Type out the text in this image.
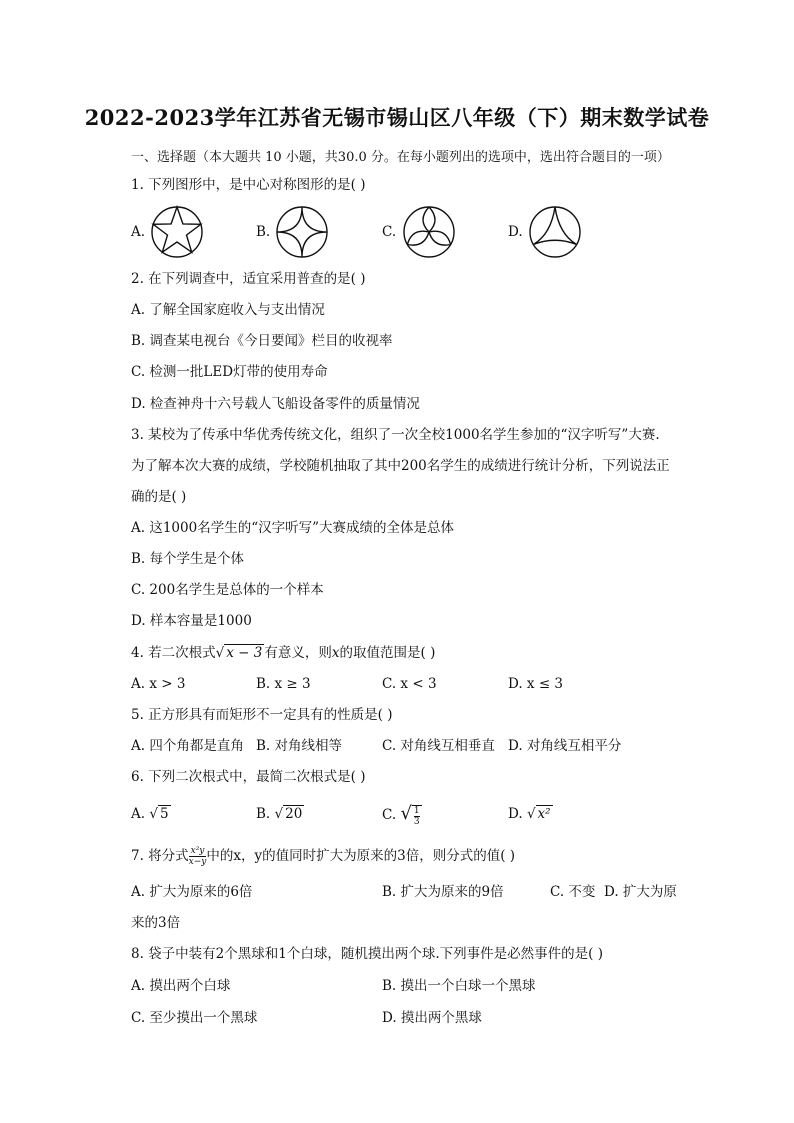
2022-2023学年江苏省无锡市锡山区八年级（下）期末数学试卷
一、选择题（本大题共 10 小题，共30.0 分。在每小题列出的选项中，选出符合题目的一项）
1. 下列图形中，是中心对称图形的是( )
A.	B.	C.	D.
2. 在下列调查中，适宜采用普查的是( )
A. 了解全国家庭收入与支出情况
B. 调查某电视台《今日要闻》栏目的收视率
C. 检测一批LED灯带的使用寿命
D. 检查神舟十六号载人飞船设备零件的质量情况
3. 某校为了传承中华优秀传统文化，组织了一次全校1000名学生参加的“汉字听写”大赛.
为了解本次大赛的成绩，学校随机抽取了其中200名学生的成绩进行统计分析，下列说法正
确的是( )
A. 这1000名学生的“汉字听写”大赛成绩的全体是总体
B. 每个学生是个体
C. 200名学生是总体的一个样本
D. 样本容量是1000
4. 若二次根式√ x − 3 有意义，则x的取值范围是( )
A. x > 3	B. x ≥ 3	C. x < 3	D. x ≤ 3
5. 正方形具有而矩形不一定具有的性质是( )
A. 四个角都是直角 B. 对角线相等	C. 对角线互相垂直 D. 对角线互相平分
6. 下列二次根式中，最简二次根式是( )
A. √ 5	B. √ 20	C. √ $\frac{1}{3}$	D. √ x²
7. 将分式 $\frac{\text{x²y}}{x-y}$ 中的x，y的值同时扩大为原来的3倍，则分式的值( )
A. 扩大为原来的6倍	B. 扩大为原来的9倍	C. 不变 D. 扩大为原
来的3倍
8. 袋子中装有2个黑球和1个白球，随机摸出两个球.下列事件是必然事件的是( )
A. 摸出两个白球	B. 摸出一个白球一个黑球
C. 至少摸出一个黑球	D. 摸出两个黑球
